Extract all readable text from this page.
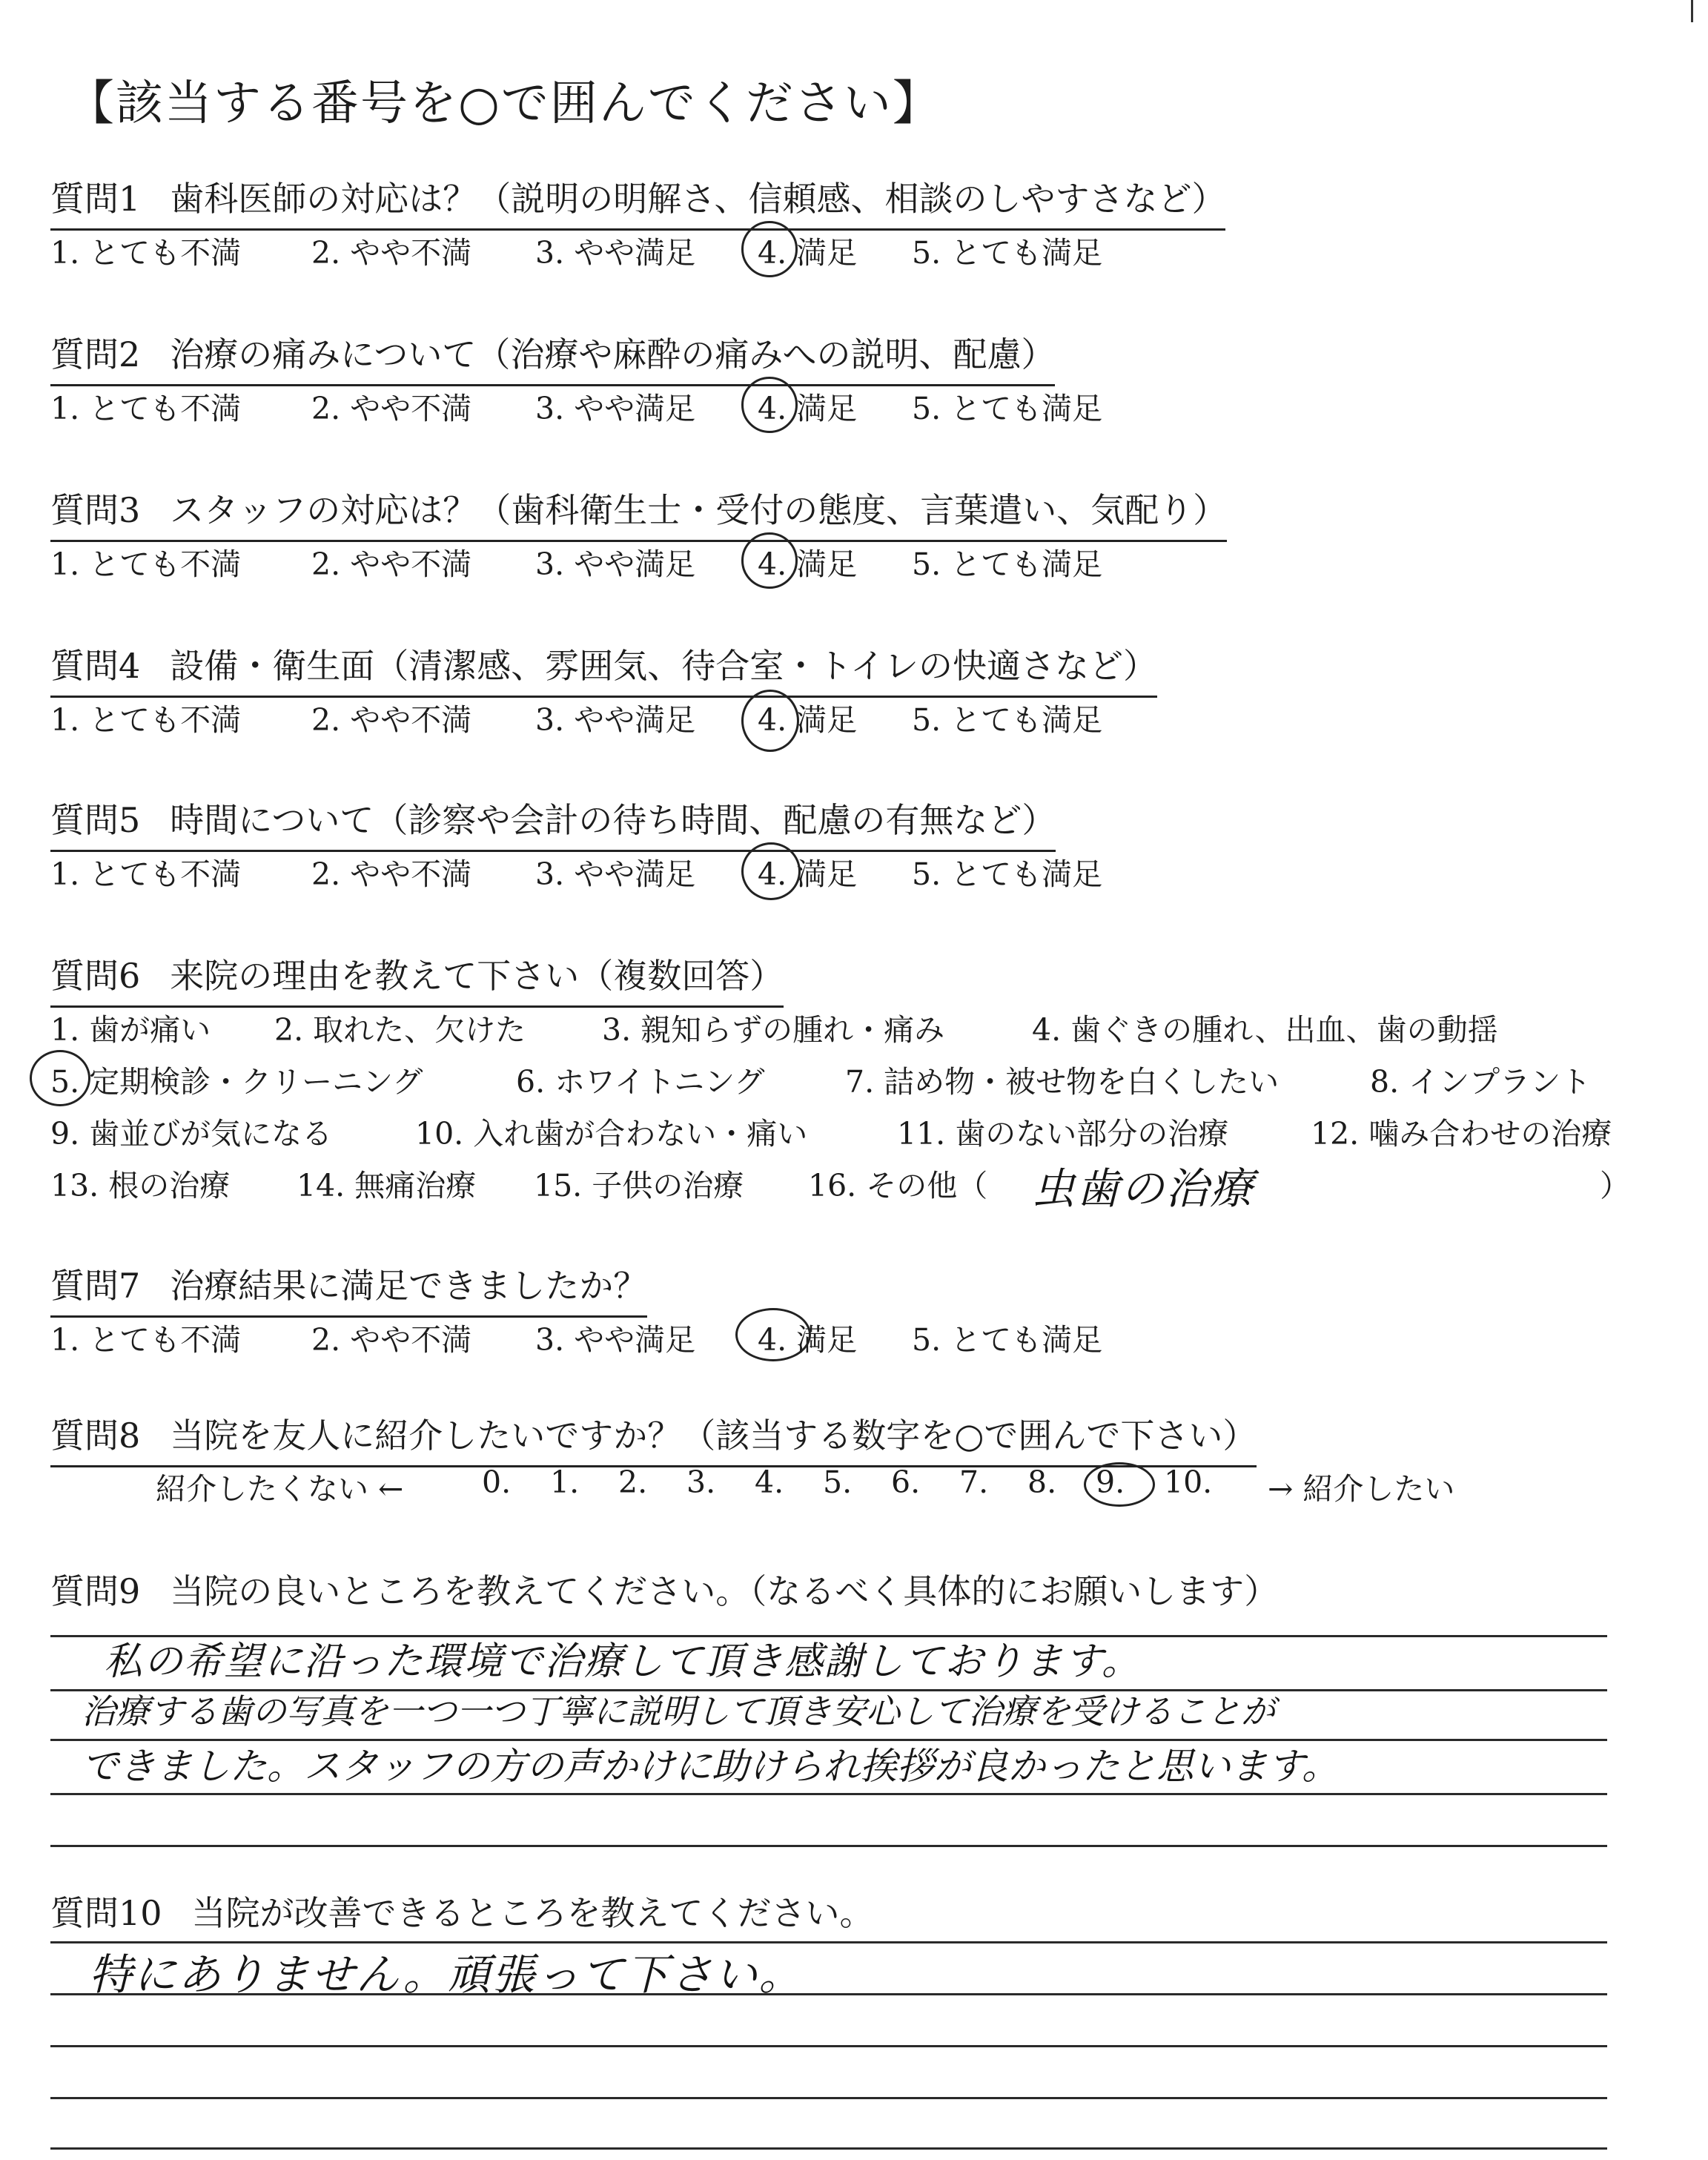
【該当する番号を○で囲んでください】
質問1 歯科医師の対応は？（説明の明解さ、信頼感、相談のしやすさなど）
1. とても不満 2. やや不満 3. やや満足 4. 満足 5. とても満足
質問2 治療の痛みについて（治療や麻酔の痛みへの説明、配慮）
1. とても不満 2. やや不満 3. やや満足 4. 満足 5. とても満足
質問3 スタッフの対応は？（歯科衛生士・受付の態度、言葉遣い、気配り）
1. とても不満 2. やや不満 3. やや満足 4. 満足 5. とても満足
質問4 設備・衛生面（清潔感、雰囲気、待合室・トイレの快適さなど）
1. とても不満 2. やや不満 3. やや満足 4. 満足 5. とても満足
質問5 時間について（診察や会計の待ち時間、配慮の有無など）
1. とても不満 2. やや不満 3. やや満足 4. 満足 5. とても満足
質問6 来院の理由を教えて下さい（複数回答）
1. 歯が痛い 2. 取れた、欠けた	3. 親知らずの腫れ・痛み	4. 歯ぐきの腫れ、出血、歯の動揺
5. 定期検診・クリーニング	6. ホワイトニング	7. 詰め物・被せ物を白くしたい	8. インプラント
9. 歯並びが気になる	10. 入れ歯が合わない・痛い	11. 歯のない部分の治療	12. 噛み合わせの治療
13. 根の治療 14. 無痛治療 15. 子供の治療 16. その他（	）
虫歯の治療
質問7 治療結果に満足できましたか？
1. とても不満 2. やや不満 3. やや満足 4. 満足 5. とても満足
質問8 当院を友人に紹介したいですか？（該当する数字を○で囲んで下さい）
紹介したくない ←	0. 1. 2. 3. 4. 5. 6. 7. 8. 9. 10. → 紹介したい
質問9 当院の良いところを教えてください。（なるべく具体的にお願いします）
私の希望に沿った環境で治療して頂き感謝しております。
治療する歯の写真を一つ一つ丁寧に説明して頂き安心して治療を受けることが
できました。スタッフの方の声かけに助けられ挨拶が良かったと思います。
質問10 当院が改善できるところを教えてください。
特にありません。頑張って下さい。
